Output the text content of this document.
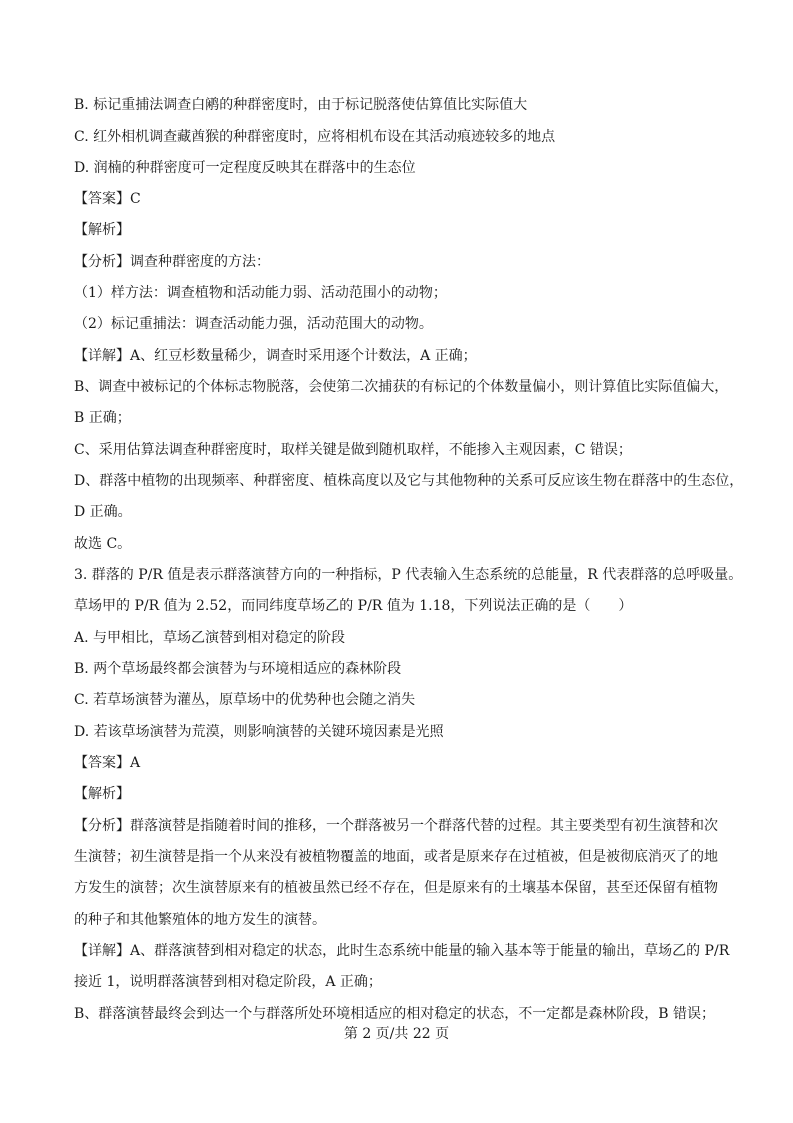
B. 标记重捕法调查白鹇的种群密度时，由于标记脱落使估算值比实际值大
C. 红外相机调查藏酋猴的种群密度时，应将相机布设在其活动痕迹较多的地点
D. 润楠的种群密度可一定程度反映其在群落中的生态位
【答案】C
【解析】
【分析】调查种群密度的方法：
（1）样方法：调查植物和活动能力弱、活动范围小的动物；
（2）标记重捕法：调查活动能力强，活动范围大的动物。
【详解】A、红豆杉数量稀少，调查时采用逐个计数法，A 正确；
B、调查中被标记的个体标志物脱落，会使第二次捕获的有标记的个体数量偏小，则计算值比实际值偏大，
B 正确；
C、采用估算法调查种群密度时，取样关键是做到随机取样，不能掺入主观因素，C 错误；
D、群落中植物的出现频率、种群密度、植株高度以及它与其他物种的关系可反应该生物在群落中的生态位，
D 正确。
故选 C。
3. 群落的 P/R 值是表示群落演替方向的一种指标，P 代表输入生态系统的总能量，R 代表群落的总呼吸量。
草场甲的 P/R 值为 2.52，而同纬度草场乙的 P/R 值为 1.18，下列说法正确的是（　　）
A. 与甲相比，草场乙演替到相对稳定的阶段
B. 两个草场最终都会演替为与环境相适应的森林阶段
C. 若草场演替为灌丛，原草场中的优势种也会随之消失
D. 若该草场演替为荒漠，则影响演替的关键环境因素是光照
【答案】A
【解析】
【分析】群落演替是指随着时间的推移，一个群落被另一个群落代替的过程。其主要类型有初生演替和次
生演替；初生演替是指一个从来没有被植物覆盖的地面，或者是原来存在过植被，但是被彻底消灭了的地
方发生的演替；次生演替原来有的植被虽然已经不存在，但是原来有的土壤基本保留，甚至还保留有植物
的种子和其他繁殖体的地方发生的演替。
【详解】A、群落演替到相对稳定的状态，此时生态系统中能量的输入基本等于能量的输出，草场乙的 P/R
接近 1，说明群落演替到相对稳定阶段，A 正确；
B、群落演替最终会到达一个与群落所处环境相适应的相对稳定的状态，不一定都是森林阶段，B 错误；
第 2 页/共 22 页
